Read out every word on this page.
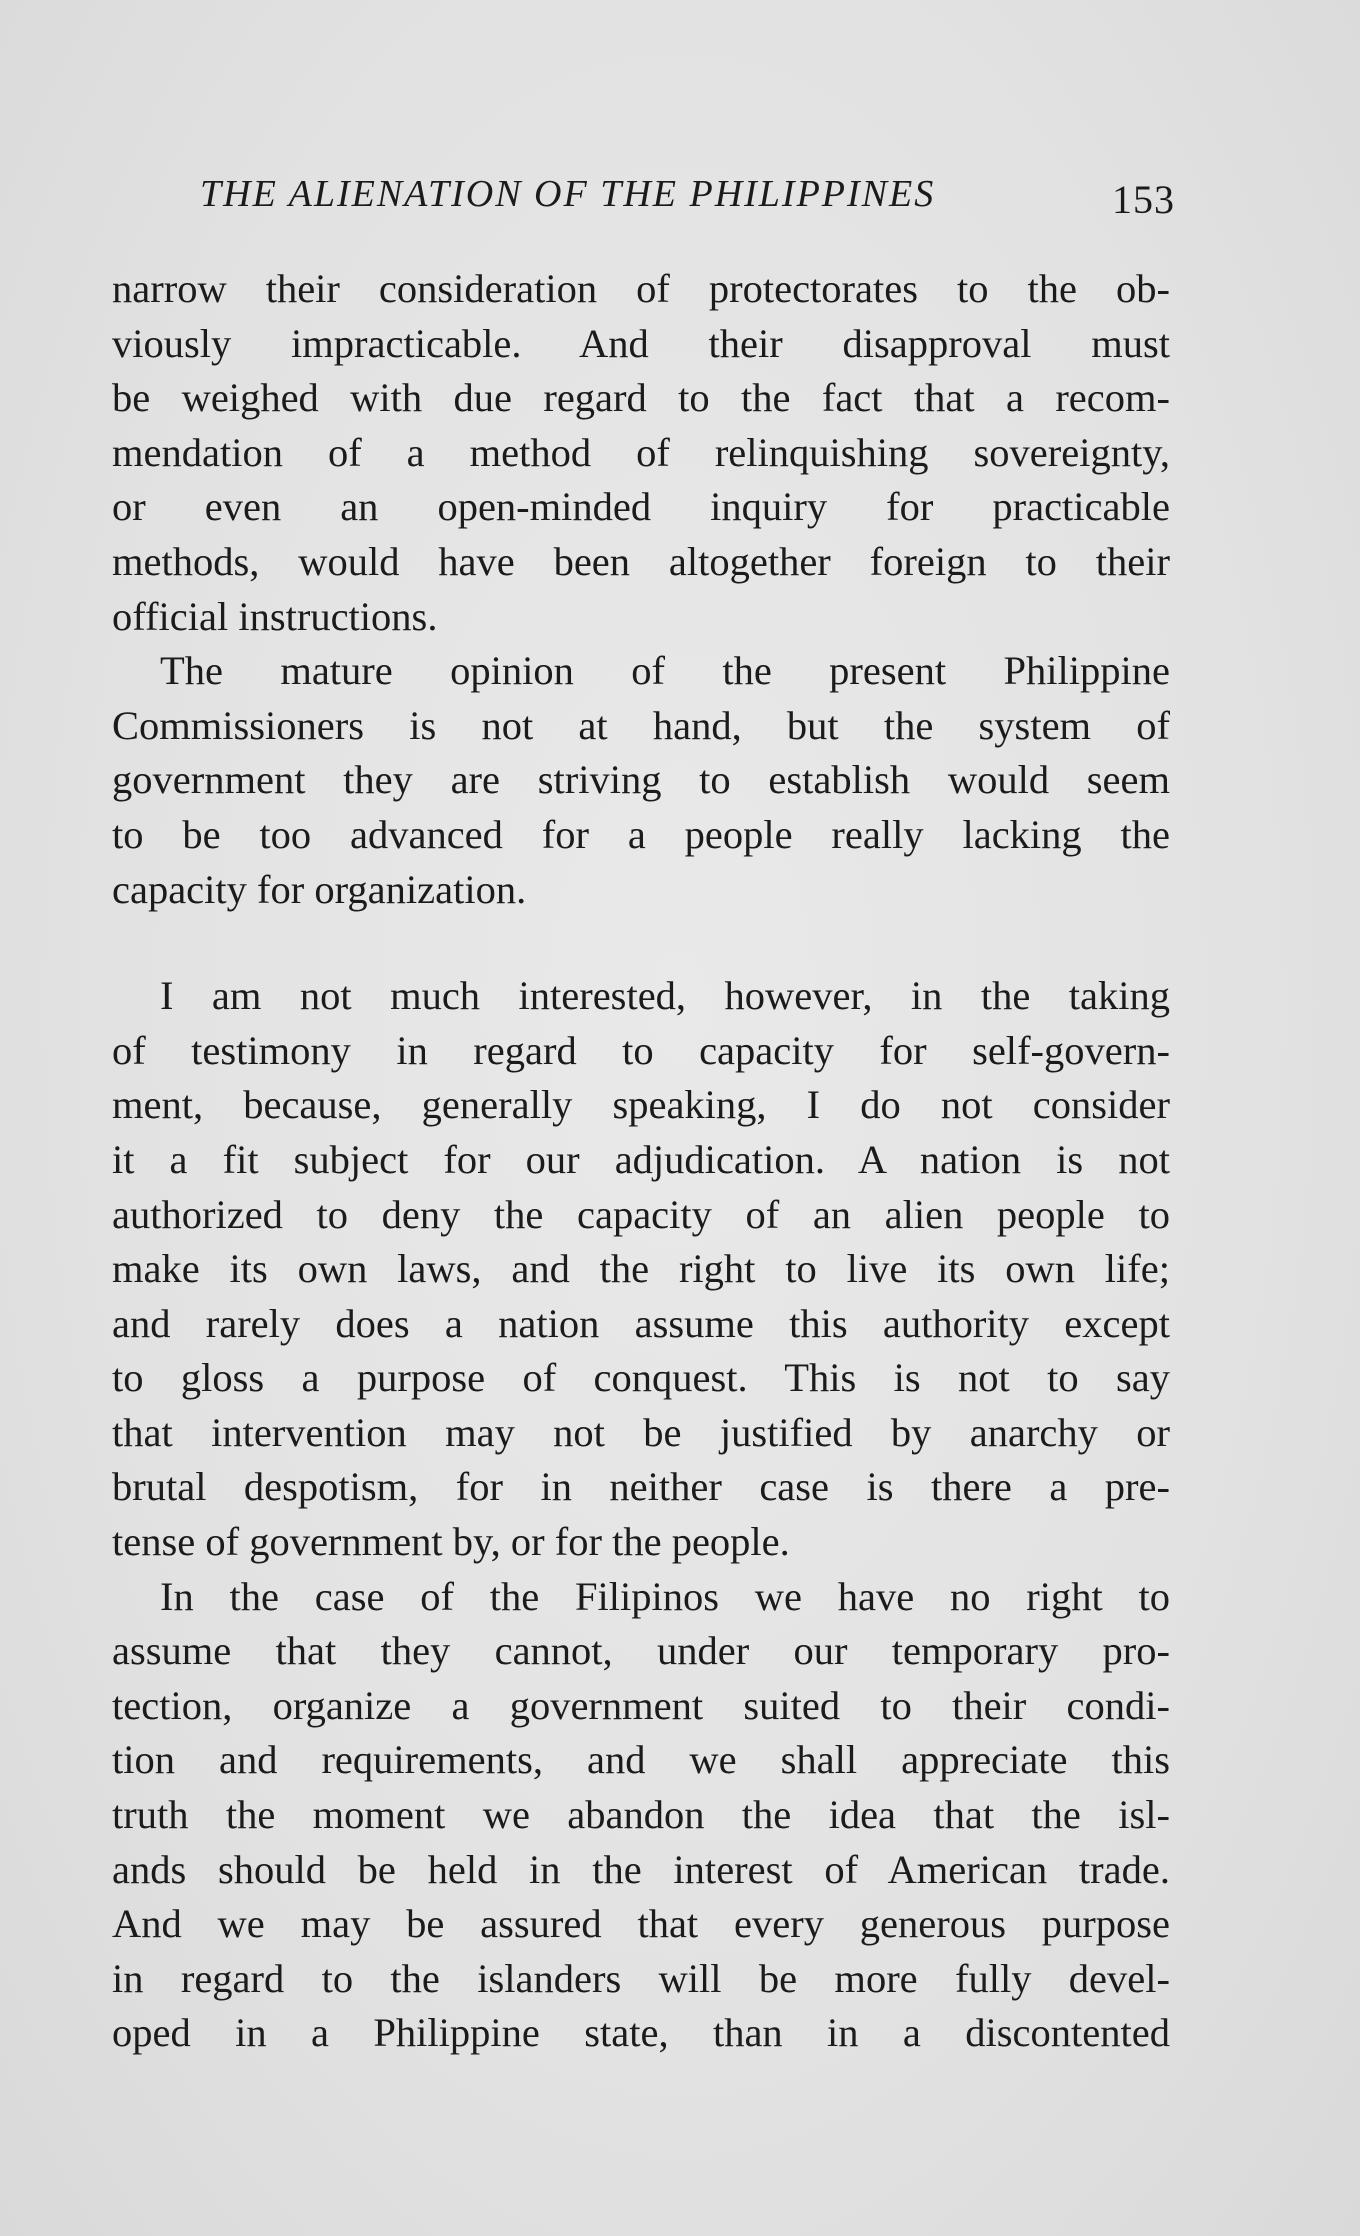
THE ALIENATION OF THE PHILIPPINES	153
narrow their consideration of protectorates to the ob-
viously impracticable. And their disapproval must
be weighed with due regard to the fact that a recom-
mendation of a method of relinquishing sovereignty,
or even an open-minded inquiry for practicable
methods, would have been altogether foreign to their
official instructions.
The mature opinion of the present Philippine
Commissioners is not at hand, but the system of
government they are striving to establish would seem
to be too advanced for a people really lacking the
capacity for organization.
I am not much interested, however, in the taking
of testimony in regard to capacity for self-govern-
ment, because, generally speaking, I do not consider
it a fit subject for our adjudication. A nation is not
authorized to deny the capacity of an alien people to
make its own laws, and the right to live its own life;
and rarely does a nation assume this authority except
to gloss a purpose of conquest. This is not to say
that intervention may not be justified by anarchy or
brutal despotism, for in neither case is there a pre-
tense of government by, or for the people.
In the case of the Filipinos we have no right to
assume that they cannot, under our temporary pro-
tection, organize a government suited to their condi-
tion and requirements, and we shall appreciate this
truth the moment we abandon the idea that the isl-
ands should be held in the interest of American trade.
And we may be assured that every generous purpose
in regard to the islanders will be more fully devel-
oped in a Philippine state, than in a discontented
